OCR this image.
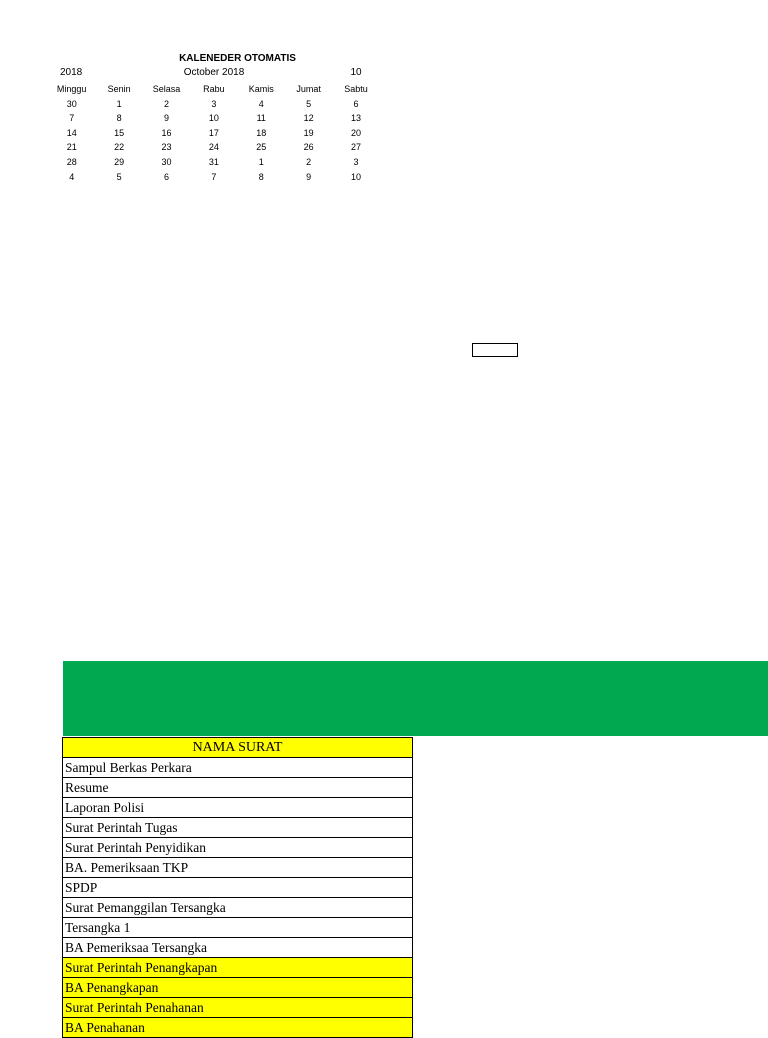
KALENEDER OTOMATIS
2018	October 2018	10
Minggu	Senin	Selasa	Rabu	Kamis	Jumat	Sabtu
30	1	2	3	4	5	6
7	8	9	10	11	12	13
14	15	16	17	18	19	20
21	22	23	24	25	26	27
28	29	30	31	1	2	3
4	5	6	7	8	9	10
NAMA SURAT
Sampul Berkas Perkara
Resume
Laporan Polisi
Surat Perintah Tugas
Surat Perintah Penyidikan
BA. Pemeriksaan TKP
SPDP
Surat Pemanggilan Tersangka
Tersangka 1
BA Pemeriksaa Tersangka
Surat Perintah Penangkapan
BA Penangkapan
Surat Perintah Penahanan
BA Penahanan
